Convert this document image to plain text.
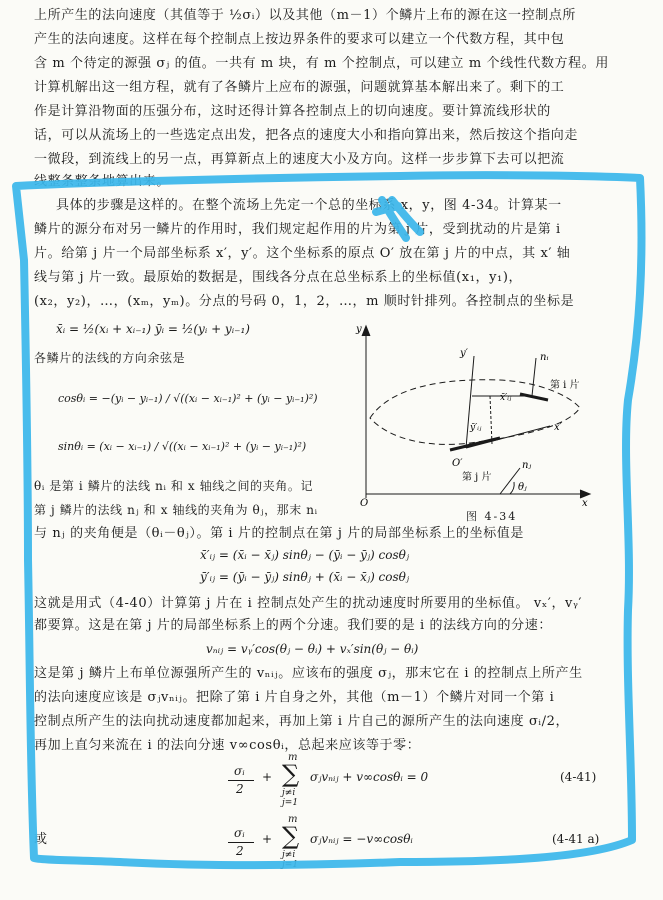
上所产生的法向速度（其值等于 ½σᵢ）以及其他（m－1）个鳞片上布的源在这一控制点所
产生的法向速度。这样在每个控制点上按边界条件的要求可以建立一个代数方程，其中包
含 m 个待定的源强 σⱼ 的值。一共有 m 块，有 m 个控制点，可以建立 m 个线性代数方程。用
计算机解出这一组方程，就有了各鳞片上应布的源强，问题就算基本解出来了。剩下的工
作是计算沿物面的压强分布，这时还得计算各控制点上的切向速度。要计算流线形状的
话，可以从流场上的一些选定点出发，把各点的速度大小和指向算出来，然后按这个指向走
一微段，到流线上的另一点，再算新点上的速度大小及方向。这样一步步算下去可以把流
线整条整条地算出来。
具体的步骤是这样的。在整个流场上先定一个总的坐标系 x，y，图 4-34。计算某一
鳞片的源分布对另一鳞片的作用时，我们规定起作用的片为第 j 片，受到扰动的片是第 i
片。给第 j 片一个局部坐标系 x′，y′。这个坐标系的原点 O′ 放在第 j 片的中点，其 x′ 轴
线与第 j 片一致。最原始的数据是，围线各分点在总坐标系上的坐标值(x₁，y₁)，
(x₂，y₂)，…，(xₘ，yₘ)。分点的号码 0，1，2，…，m 顺时针排列。各控制点的坐标是
x̄ᵢ = ½(xᵢ + xᵢ₋₁) ȳᵢ = ½(yᵢ + yᵢ₋₁)
各鳞片的法线的方向余弦是
cosθᵢ = −(yᵢ − yᵢ₋₁) / √((xᵢ − xᵢ₋₁)² + (yᵢ − yᵢ₋₁)²)
sinθᵢ = (xᵢ − xᵢ₋₁) / √((xᵢ − xᵢ₋₁)² + (yᵢ − yᵢ₋₁)²)
y
x
O
y′	nᵢ
第 i 片
x̄′ᵢⱼ
ȳ′ᵢⱼ	x′
O′
第 j 片
nⱼ
θⱼ
图 4-34
θᵢ 是第 i 鳞片的法线 nᵢ 和 x 轴线之间的夹角。记
第 j 鳞片的法线 nⱼ 和 x 轴线的夹角为 θⱼ，那末 nᵢ
与 nⱼ 的夹角便是（θᵢ－θⱼ）。第 i 片的控制点在第 j 片的局部坐标系上的坐标值是
x̄′ᵢⱼ = (x̄ᵢ − x̄ⱼ) sinθⱼ − (ȳᵢ − ȳⱼ) cosθⱼ
ȳ′ᵢⱼ = (ȳᵢ − ȳⱼ) sinθⱼ + (x̄ᵢ − x̄ⱼ) cosθⱼ
这就是用式（4-40）计算第 j 片在 i 控制点处产生的扰动速度时所要用的坐标值。 vₓ′，vᵧ′
都要算。这是在第 j 片的局部坐标系上的两个分速。我们要的是 i 的法线方向的分速：
vₙᵢⱼ = vᵧ′cos(θⱼ − θᵢ) + vₓ′sin(θⱼ − θᵢ)
这是第 j 鳞片上布单位源强所产生的 vₙᵢⱼ。应该布的强度 σⱼ，那末它在 i 的控制点上所产生
的法向速度应该是 σⱼvₙᵢⱼ。把除了第 i 片自身之外，其他（m－1）个鳞片对同一个第 i
控制点所产生的法向扰动速度都加起来，再加上第 i 片自己的源所产生的法向速度 σᵢ/2，
再加上直匀来流在 i 的法向分速 v∞cosθᵢ，总起来应该等于零：
σᵢ
2
+
m
∑
j≠i
j=1
σⱼvₙᵢⱼ + v∞cosθᵢ = 0	(4-41)
或	σᵢ
2
+
m
∑
j≠i
j=1
σⱼvₙᵢⱼ = −v∞cosθᵢ	(4-41 a)
